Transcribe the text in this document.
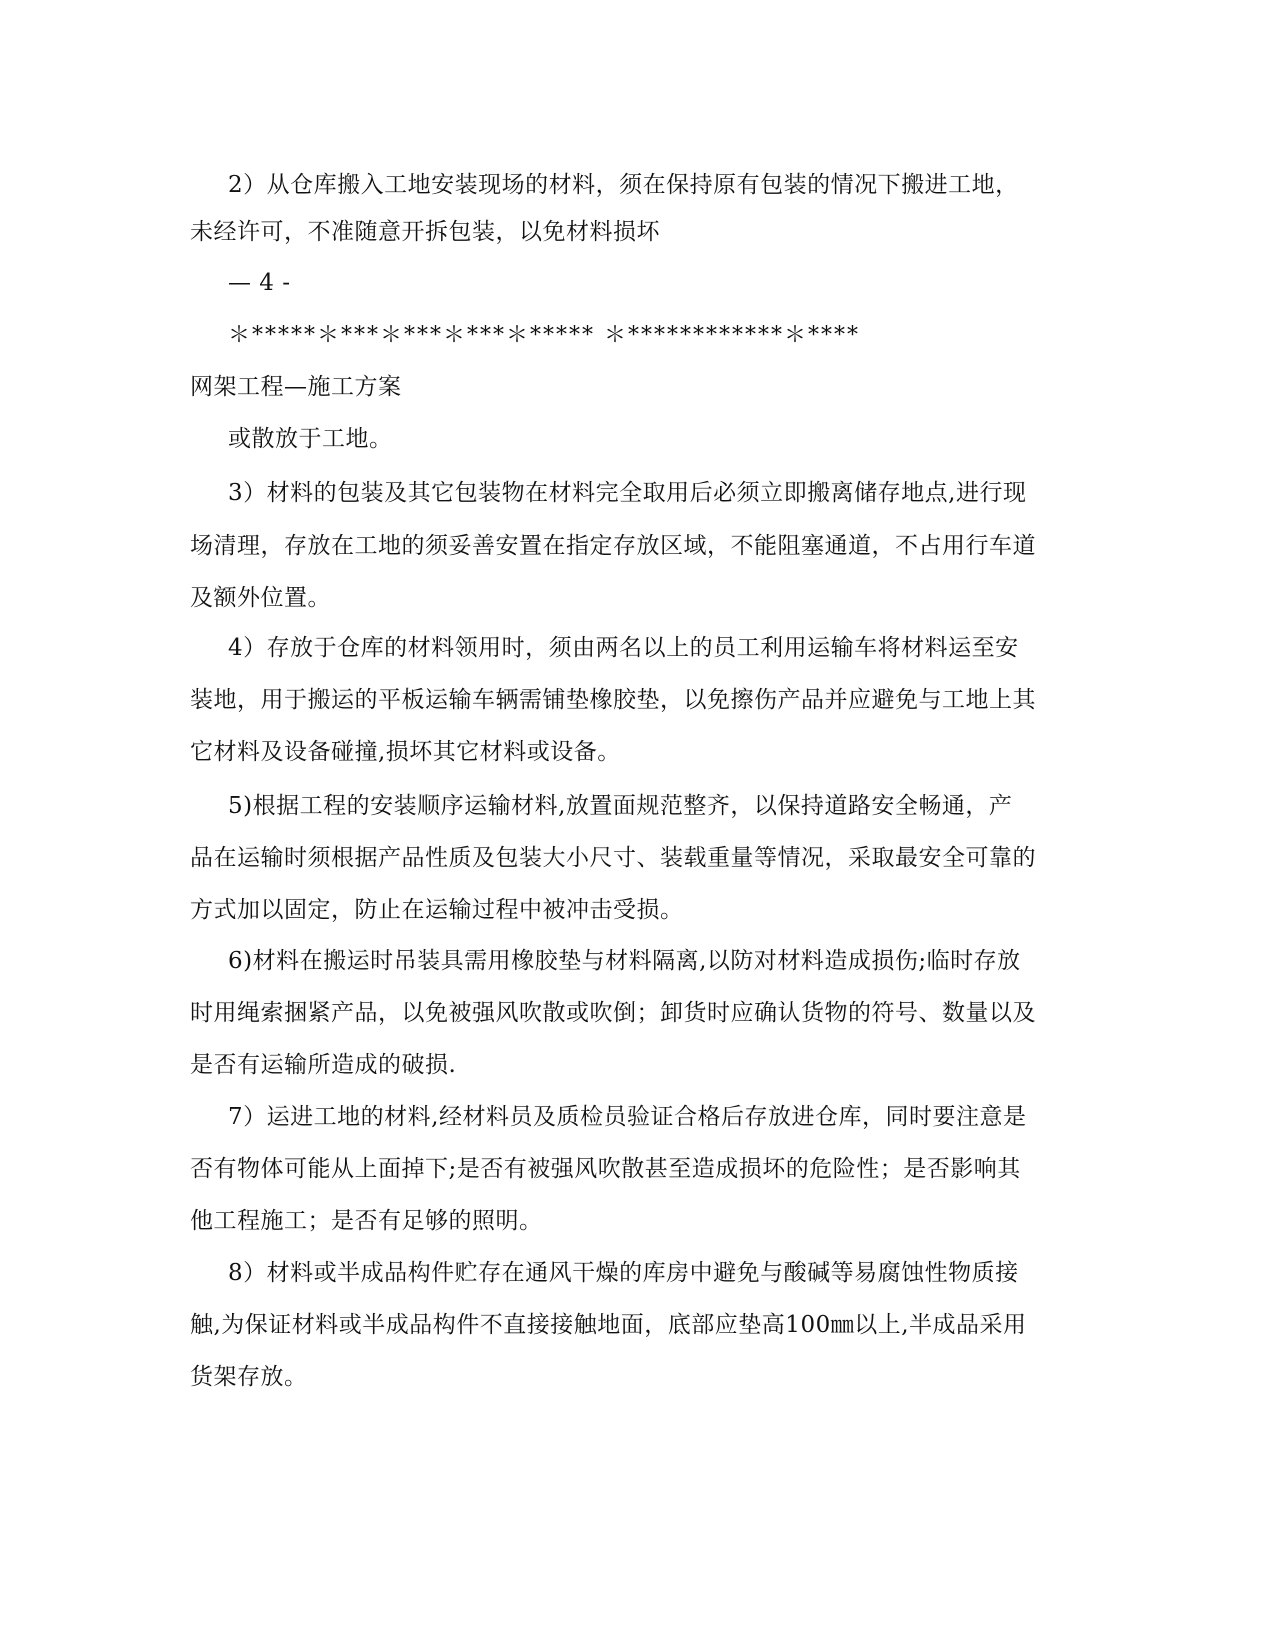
2）从仓库搬入工地安装现场的材料，须在保持原有包装的情况下搬进工地，
未经许可，不准随意开拆包装，以免材料损坏
— 4 -
＊*****＊***＊***＊***＊***** ＊************＊****
网架工程—施工方案
或散放于工地。
3）材料的包装及其它包装物在材料完全取用后必须立即搬离储存地点,进行现
场清理，存放在工地的须妥善安置在指定存放区域，不能阻塞通道，不占用行车道
及额外位置。
4）存放于仓库的材料领用时，须由两名以上的员工利用运输车将材料运至安
装地，用于搬运的平板运输车辆需铺垫橡胶垫，以免擦伤产品并应避免与工地上其
它材料及设备碰撞,损坏其它材料或设备。
5)根据工程的安装顺序运输材料,放置面规范整齐，以保持道路安全畅通，产
品在运输时须根据产品性质及包装大小尺寸、装载重量等情况，采取最安全可靠的
方式加以固定，防止在运输过程中被冲击受损。
6)材料在搬运时吊装具需用橡胶垫与材料隔离,以防对材料造成损伤;临时存放
时用绳索捆紧产品，以免被强风吹散或吹倒；卸货时应确认货物的符号、数量以及
是否有运输所造成的破损.
7）运进工地的材料,经材料员及质检员验证合格后存放进仓库，同时要注意是
否有物体可能从上面掉下;是否有被强风吹散甚至造成损坏的危险性；是否影响其
他工程施工；是否有足够的照明。
8）材料或半成品构件贮存在通风干燥的库房中避免与酸碱等易腐蚀性物质接
触,为保证材料或半成品构件不直接接触地面，底部应垫高100㎜以上,半成品采用
货架存放。
